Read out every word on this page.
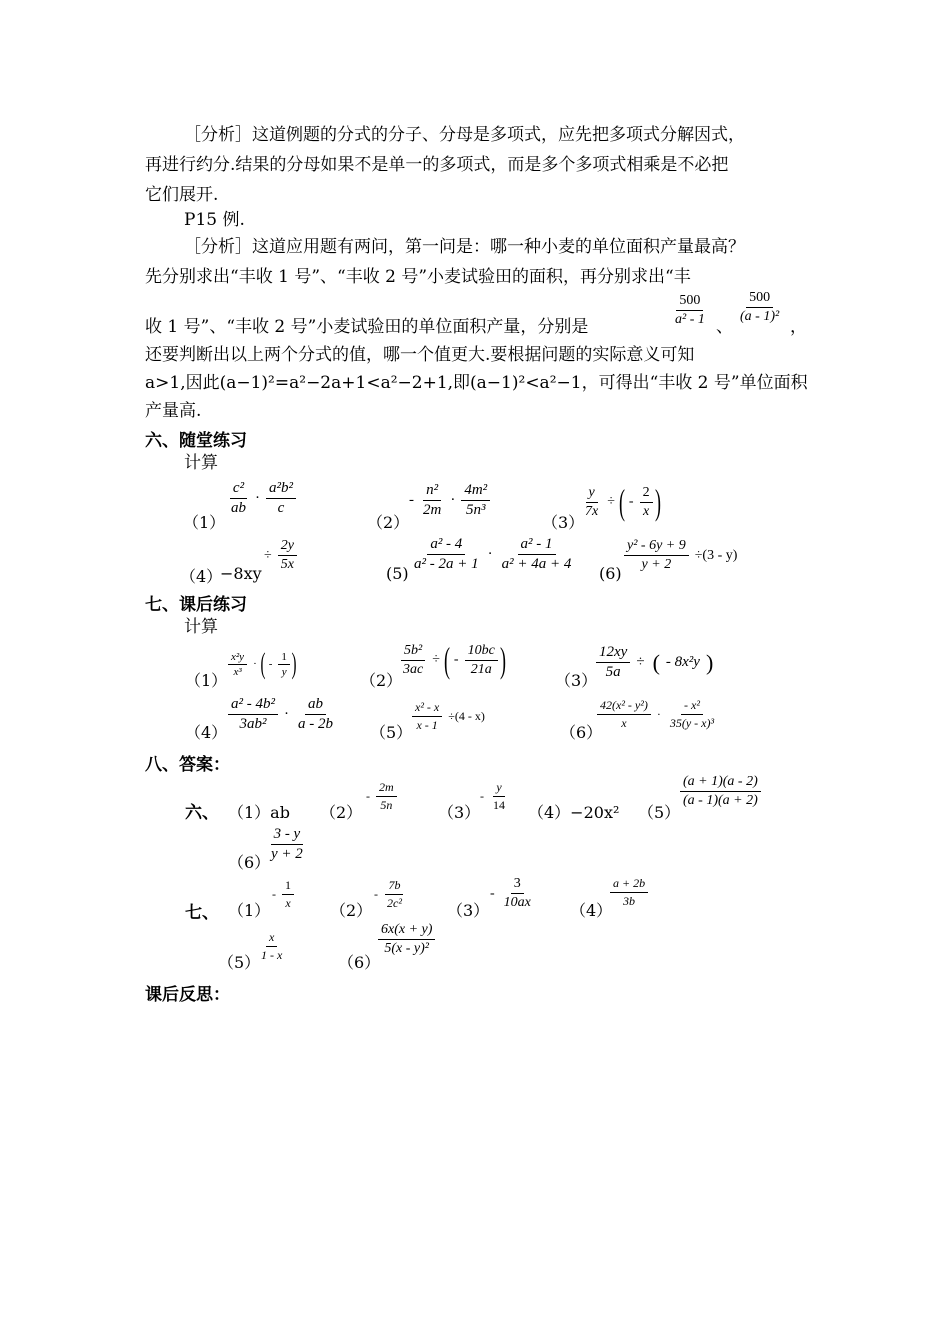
［分析］这道例题的分式的分子、分母是多项式，应先把多项式分解因式，
再进行约分.结果的分母如果不是单一的多项式，而是多个多项式相乘是不必把
它们展开.
P15 例.
［分析］这道应用题有两问，第一问是：哪一种小麦的单位面积产量最高？
先分别求出“丰收 1 号”、“丰收 2 号”小麦试验田的面积，再分别求出“丰
收 1 号”、“丰收 2 号”小麦试验田的单位面积产量，分别是	$\frac{500}{\text{a² - 1}}$ 、
$\frac{500}{\text{(a - 1)²}}$
，
还要判断出以上两个分式的值，哪一个值更大.要根据问题的实际意义可知
a>1,因此(a−1)²=a²−2a+1<a²−2+1,即(a−1)²<a²−1，可得出“丰收 2 号”单位面积
产量高.
六、随堂练习
计算
（1）
$\frac{\text{c²}}{ab} \cdot \frac{\text{a²b²}}{c}$
（2）
- $\frac{\text{n²}}{2m} \cdot \frac{\text{4m²}}{\text{5n³}}$
（3）
$\frac{y}{7x}$ ÷ ( - $\frac{2}{x}$ )
（4）
−8xy
÷ $\frac{2y}{5x}$
(5)
$\frac{\text{a² - 4}}{\text{a² - 2a + 1}} \cdot \frac{\text{a² - 1}}{\text{a² + 4a + 4}}$
(6)
$\frac{\text{y² - 6y + 9}}{y + 2} \div(3 - y)$
七、课后练习
计算
（1）
$\frac{\text{x²y}}{\text{x³}}$ · ( - $\frac{1}{y}$ )
（2）
$\frac{\text{5b²}}{3ac}$ ÷ ( - $\frac{10bc}{21a}$ )
（3）
$\frac{12xy}{5a}$ ÷ ( - 8x²y )
$(4) \frac{\text{a² - 4b²}}{\text{3ab²}} \cdot \frac{ab}{a - 2b} (5) \frac{\text{x² - x}}{x - 1} \div(4 - x)$
（6）
$\frac{\text{42(x² - y²)}}{x} \cdot \frac{\text{- x²}}{\text{35(y - x)³}}$
八、答案：
六、 （1）ab （2）
- $\frac{2m}{5n}$	（3）
- $\frac{y}{14} (4)-20x^2$ （5）
$\frac{(a + 1)(a - 2)}{(a - 1)(a + 2)}$
（6）
$\frac{3 - y}{y + 2}$
七、 （1）
- $\frac{1}{x} (2)$
- $\frac{7b}{\text{2c²}}$	（3）
- $\frac{3}{10ax} (4)$
$\frac{a + 2b}{3b}$
（5）
$\frac{x}{1 - x}$	（6）
$\frac{6x(x + y)}{\text{5(x - y)²}}$
课后反思：
